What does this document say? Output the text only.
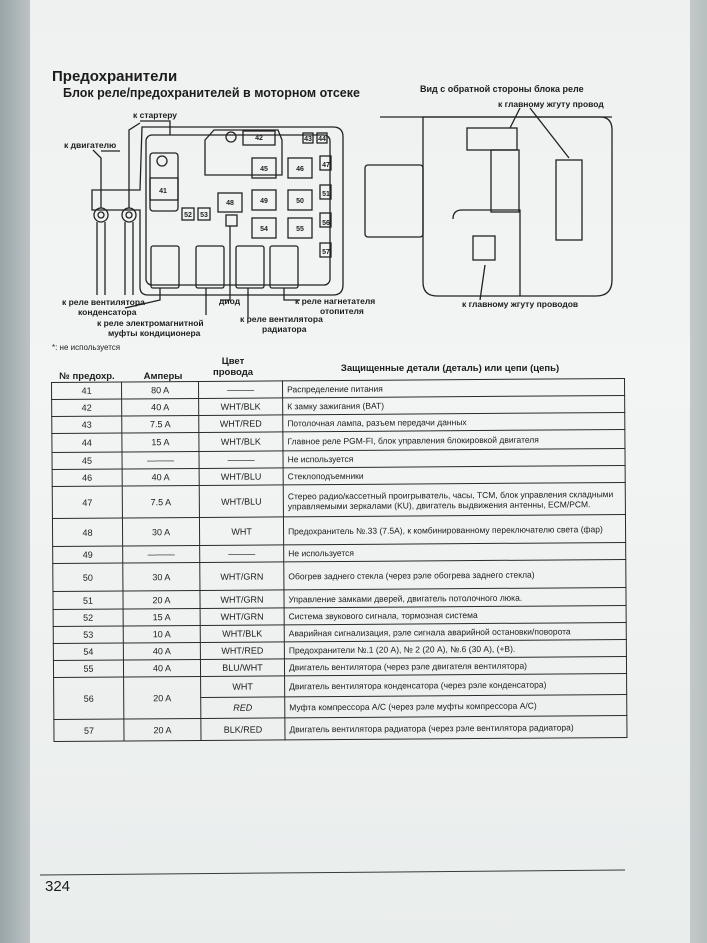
Предохранители
Блок реле/предохранителей в моторном отсеке
41
42	43 44
45	46
47
48	49	50
51
52 53
54	55
56
57
к стартеру
к двигателю
к реле вентилятора
конденсатора
к реле электромагнитной
муфты кондиционера
диод
к реле вентилятора
радиатора
к реле нагнетателя
отопителя
Вид с обратной стороны блока реле
к главному жгуту провод
к главному жгуту проводов
*: не используется
№ предохр.	Амперы
Цвет
провода	Защищенные детали (деталь) или цепи (цепь)
41	80 A	———	Распределение питания
42	40 A	WHT/BLK	К замку зажигания (BAT)
43	7.5 A	WHT/RED	Потолочная лампа, разъем передачи данных
44	15 A	WHT/BLK	Главное реле PGM-FI, блок управления блокировкой двигателя
45	———	———	Не используется
46	40 A	WHT/BLU	Стеклоподъемники
47	7.5 A	WHT/BLU	Стерео радио/кассетный проигрыватель, часы, TCM, блок управления складными управляемыми зеркалами (KU), двигатель выдвижения антенны, ECM/PCM.
48	30 A	WHT	Предохранитель №.33 (7.5A), к комбинированному переключателю света (фар)
49	———	———	Не используется
50	30 A	WHT/GRN	Обогрев заднего стекла (через рэле обогрева заднего стекла)
51	20 A	WHT/GRN	Управление замками дверей, двигатель потолочного люка.
52	15 A	WHT/GRN	Система звукового сигнала, тормозная система
53	10 A	WHT/BLK	Аварийная сигнализация, рэле сигнала аварийной остановки/поворота
54	40 A	WHT/RED	Предохранители №.1 (20 A), № 2 (20 A), №.6 (30 A), (+B).
55	40 A	BLU/WHT	Двигатель вентилятора (через рэле двигателя вентилятора)
56	20 A	WHT	Двигатель вентилятора конденсатора (через рэле конденсатора)
		RED	Муфта компрессора A/C (через рэле муфты компрессора A/C)
57	20 A	BLK/RED	Двигатель вентилятора радиатора (через рэле вентилятора радиатора)
324
